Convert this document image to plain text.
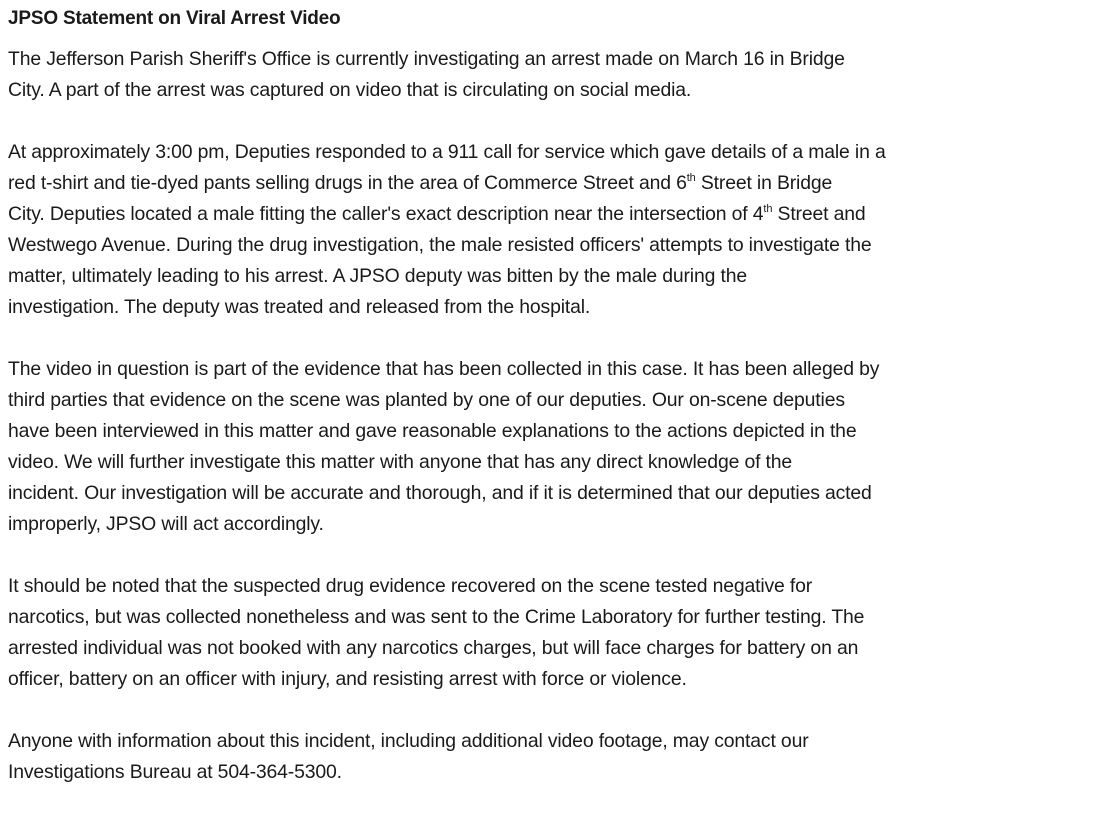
JPSO Statement on Viral Arrest Video

The Jefferson Parish Sheriff's Office is currently investigating an arrest made on March 16 in Bridge
City. A part of the arrest was captured on video that is circulating on social media.

At approximately 3:00 pm, Deputies responded to a 911 call for service which gave details of a male in a
red t-shirt and tie-dyed pants selling drugs in the area of Commerce Street and 6th Street in Bridge
City. Deputies located a male fitting the caller's exact description near the intersection of 4th Street and
Westwego Avenue. During the drug investigation, the male resisted officers' attempts to investigate the
matter, ultimately leading to his arrest. A JPSO deputy was bitten by the male during the
investigation. The deputy was treated and released from the hospital.

The video in question is part of the evidence that has been collected in this case. It has been alleged by
third parties that evidence on the scene was planted by one of our deputies. Our on-scene deputies
have been interviewed in this matter and gave reasonable explanations to the actions depicted in the
video. We will further investigate this matter with anyone that has any direct knowledge of the
incident. Our investigation will be accurate and thorough, and if it is determined that our deputies acted
improperly, JPSO will act accordingly.

It should be noted that the suspected drug evidence recovered on the scene tested negative for
narcotics, but was collected nonetheless and was sent to the Crime Laboratory for further testing. The
arrested individual was not booked with any narcotics charges, but will face charges for battery on an
officer, battery on an officer with injury, and resisting arrest with force or violence.

Anyone with information about this incident, including additional video footage, may contact our
Investigations Bureau at 504-364-5300.
